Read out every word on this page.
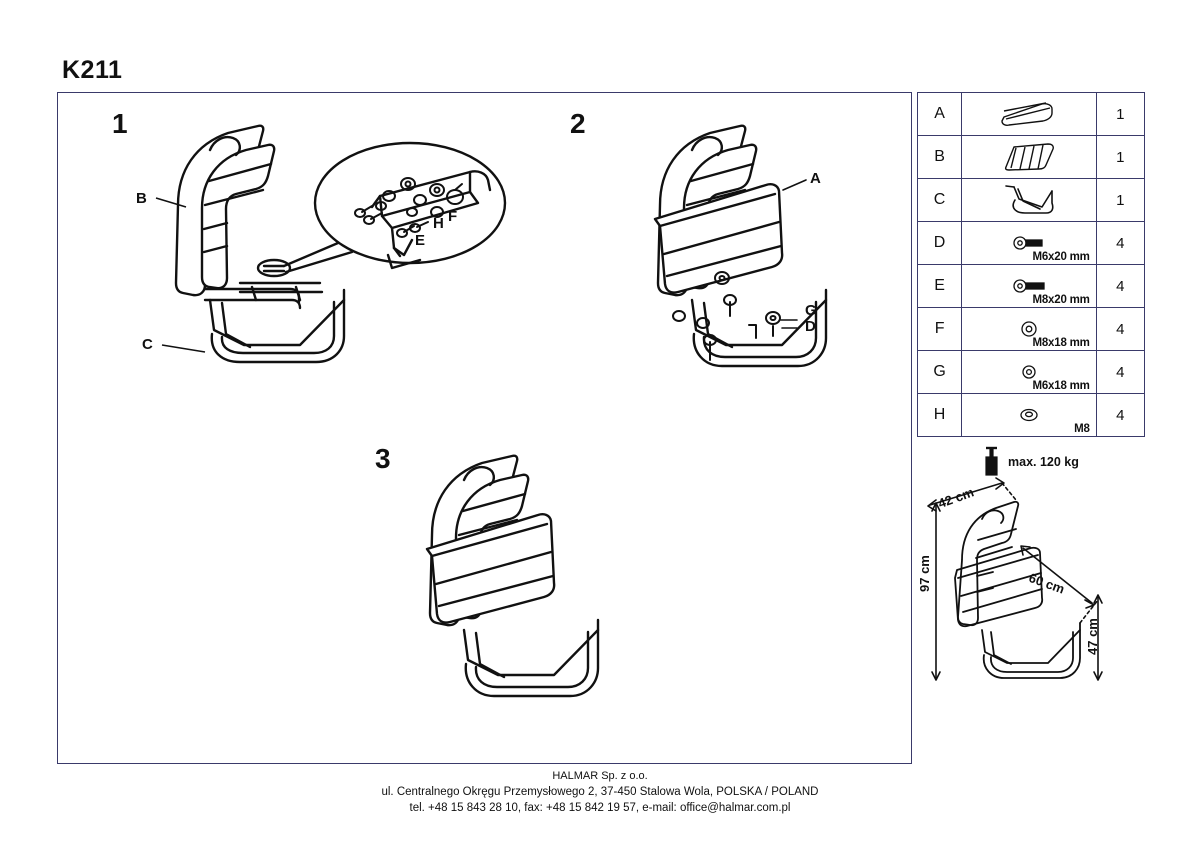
K211
1	2
3
B
C
E
H F
A
G
D
A		1
B		1
C		1
D	M6x20 mm	4
E	M8x20 mm	4
F	M8x18 mm	4
G	M6x18 mm	4
H	M8	4
max. 120 kg
97 cm
47 cm
42 cm
60 cm
HALMAR Sp. z o.o.
ul. Centralnego Okręgu Przemysłowego 2, 37-450 Stalowa Wola, POLSKA / POLAND
tel. +48 15 843 28 10, fax: +48 15 842 19 57, e-mail: office@halmar.com.pl
